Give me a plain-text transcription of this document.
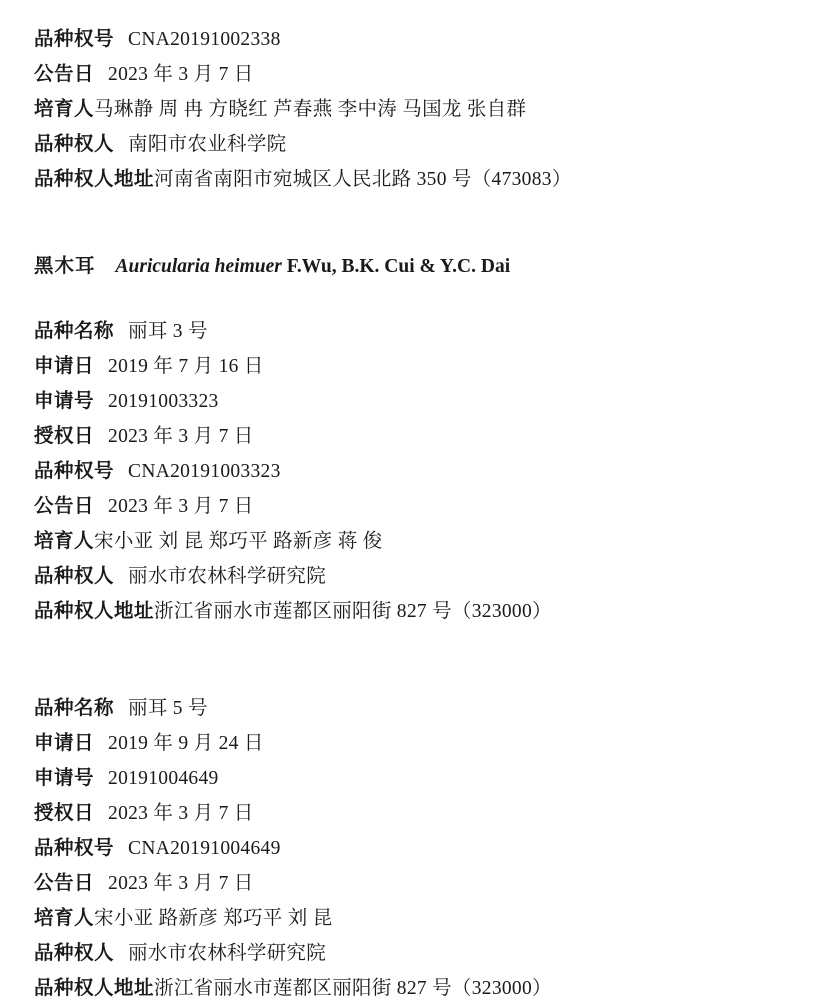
品种权号 CNA20191002338
公告日 2023 年 3 月 7 日
培育人 马琳静 周 冉 方晓红 芦春燕 李中涛 马国龙 张自群
品种权人 南阳市农业科学院
品种权人地址 河南省南阳市宛城区人民北路 350 号（473083）
黑木耳 Auricularia heimuer F.Wu, B.K. Cui & Y.C. Dai
品种名称 丽耳 3 号
申请日 2019 年 7 月 16 日
申请号 20191003323
授权日 2023 年 3 月 7 日
品种权号 CNA20191003323
公告日 2023 年 3 月 7 日
培育人 宋小亚 刘 昆 郑巧平 路新彦 蒋 俊
品种权人 丽水市农林科学研究院
品种权人地址 浙江省丽水市莲都区丽阳街 827 号（323000）
品种名称 丽耳 5 号
申请日 2019 年 9 月 24 日
申请号 20191004649
授权日 2023 年 3 月 7 日
品种权号 CNA20191004649
公告日 2023 年 3 月 7 日
培育人 宋小亚 路新彦 郑巧平 刘 昆
品种权人 丽水市农林科学研究院
品种权人地址 浙江省丽水市莲都区丽阳街 827 号（323000）
